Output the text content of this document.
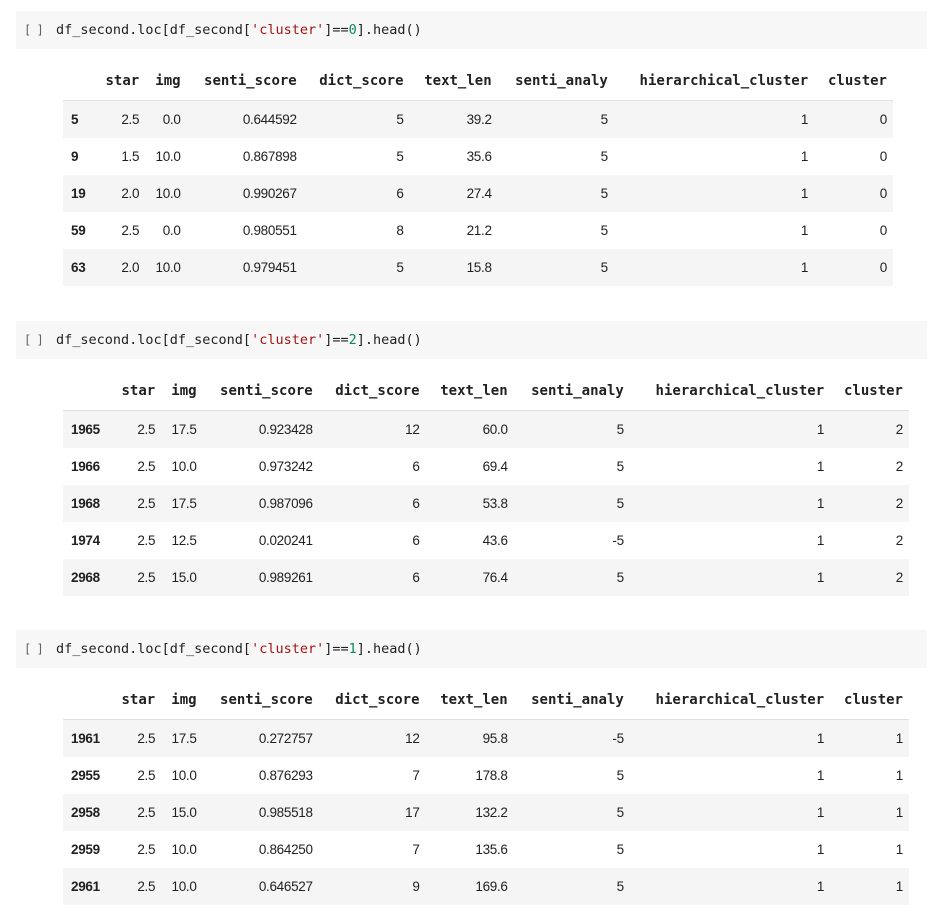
[ ] df_second.loc[df_second['cluster']==0].head()
	star	img	senti_score	dict_score	text_len	senti_analy	hierarchical_cluster	cluster
5	2.5	0.0	0.644592	5	39.2	5	1	0
9	1.5	10.0	0.867898	5	35.6	5	1	0
19	2.0	10.0	0.990267	6	27.4	5	1	0
59	2.5	0.0	0.980551	8	21.2	5	1	0
63	2.0	10.0	0.979451	5	15.8	5	1	0
[ ] df_second.loc[df_second['cluster']==2].head()
	star	img	senti_score	dict_score	text_len	senti_analy	hierarchical_cluster	cluster
1965	2.5	17.5	0.923428	12	60.0	5	1	2
1966	2.5	10.0	0.973242	6	69.4	5	1	2
1968	2.5	17.5	0.987096	6	53.8	5	1	2
1974	2.5	12.5	0.020241	6	43.6	-5	1	2
2968	2.5	15.0	0.989261	6	76.4	5	1	2
[ ] df_second.loc[df_second['cluster']==1].head()
	star	img	senti_score	dict_score	text_len	senti_analy	hierarchical_cluster	cluster
1961	2.5	17.5	0.272757	12	95.8	-5	1	1
2955	2.5	10.0	0.876293	7	178.8	5	1	1
2958	2.5	15.0	0.985518	17	132.2	5	1	1
2959	2.5	10.0	0.864250	7	135.6	5	1	1
2961	2.5	10.0	0.646527	9	169.6	5	1	1
